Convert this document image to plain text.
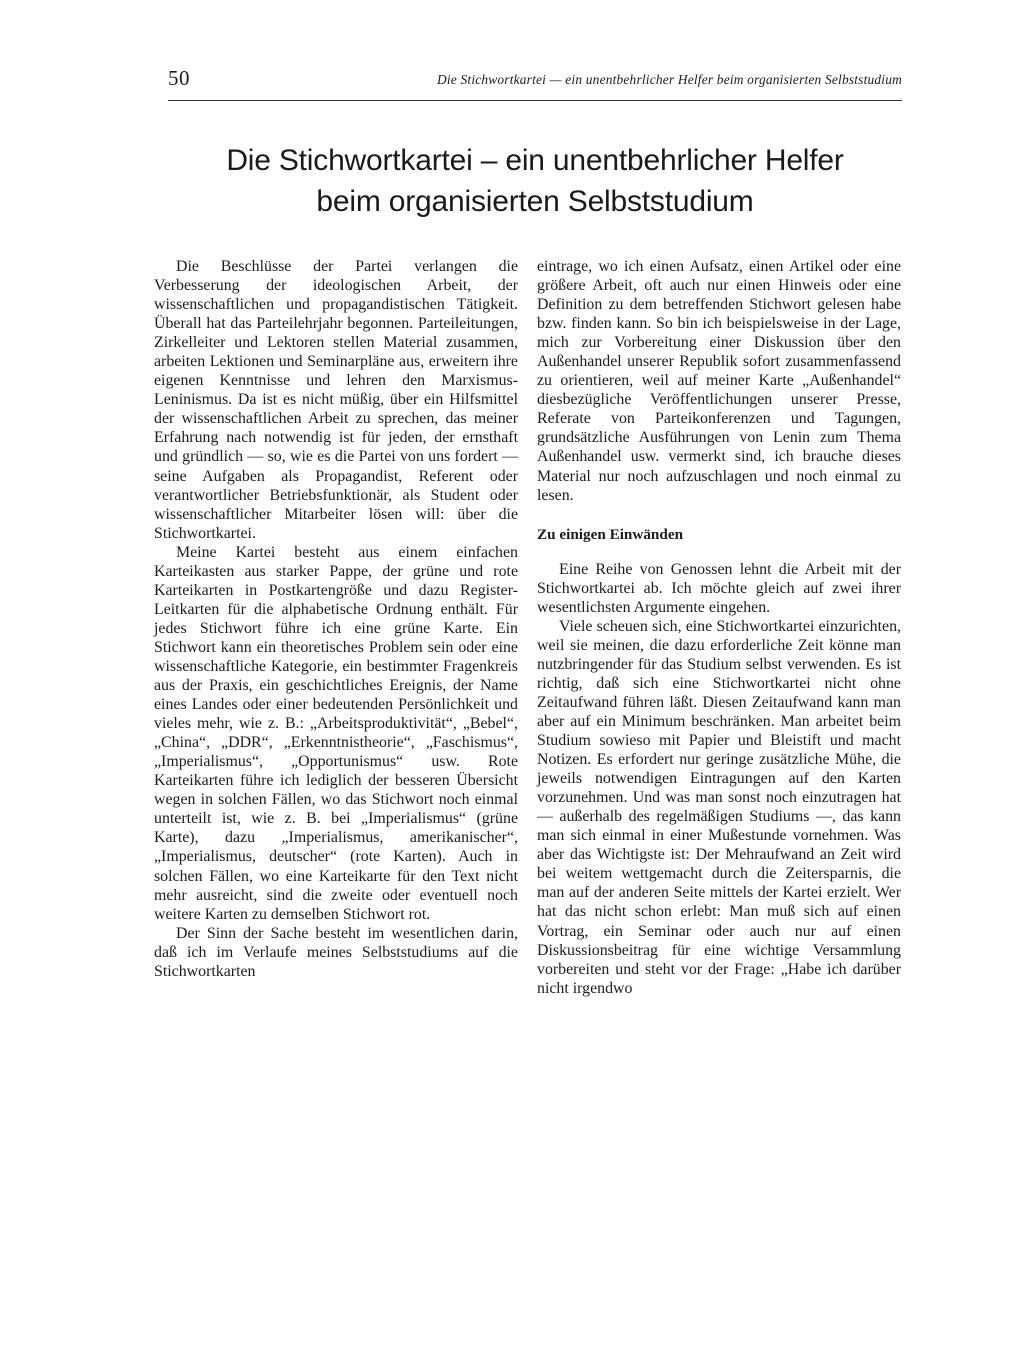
50	Die Stichwortkartei — ein unentbehrlicher Helfer beim organisierten Selbststudium
Die Stichwortkartei – ein unentbehrlicher Helfer
beim organisierten Selbststudium

Die Beschlüsse der Partei verlangen die Verbesserung der ideologischen Arbeit, der wissenschaftlichen und propagandistischen Tätigkeit. Überall hat das Parteilehrjahr begonnen. Parteileitungen, Zirkelleiter und Lektoren stellen Material zusammen, arbeiten Lektionen und Seminarpläne aus, erweitern ihre eigenen Kenntnisse und lehren den Marxismus-Leninismus. Da ist es nicht müßig, über ein Hilfsmittel der wissenschaftlichen Arbeit zu sprechen, das meiner Erfahrung nach notwendig ist für jeden, der ernsthaft und gründlich — so, wie es die Partei von uns fordert — seine Aufgaben als Propagandist, Referent oder verantwortlicher Betriebsfunktionär, als Student oder wissenschaftlicher Mitarbeiter lösen will: über die Stichwortkartei.

Meine Kartei besteht aus einem einfachen Karteikasten aus starker Pappe, der grüne und rote Karteikarten in Postkartengröße und dazu Register-Leitkarten für die alphabetische Ordnung enthält. Für jedes Stichwort führe ich eine grüne Karte. Ein Stichwort kann ein theoretisches Problem sein oder eine wissenschaftliche Kategorie, ein bestimmter Fragenkreis aus der Praxis, ein geschichtliches Ereignis, der Name eines Landes oder einer bedeutenden Persönlichkeit und vieles mehr, wie z. B.: „Arbeitsproduktivität“, „Bebel“, „China“, „DDR“, „Erkenntnistheorie“, „Faschismus“, „Imperialismus“, „Opportunismus“ usw. Rote Karteikarten führe ich lediglich der besseren Übersicht wegen in solchen Fällen, wo das Stichwort noch einmal unterteilt ist, wie z. B. bei „Imperialismus“ (grüne Karte), dazu „Imperialismus, amerikanischer“, „Imperialismus, deutscher“ (rote Karten). Auch in solchen Fällen, wo eine Karteikarte für den Text nicht mehr ausreicht, sind die zweite oder eventuell noch weitere Karten zu demselben Stichwort rot.

Der Sinn der Sache besteht im wesentlichen darin, daß ich im Verlaufe meines Selbststudiums auf die Stichwortkarten

eintrage, wo ich einen Aufsatz, einen Artikel oder eine größere Arbeit, oft auch nur einen Hinweis oder eine Definition zu dem betreffenden Stichwort gelesen habe bzw. finden kann. So bin ich beispielsweise in der Lage, mich zur Vorbereitung einer Diskussion über den Außenhandel unserer Republik sofort zusammenfassend zu orientieren, weil auf meiner Karte „Außenhandel“ diesbezügliche Veröffentlichungen unserer Presse, Referate von Parteikonferenzen und Tagungen, grundsätzliche Ausführungen von Lenin zum Thema Außenhandel usw. vermerkt sind, ich brauche dieses Material nur noch aufzuschlagen und noch einmal zu lesen.

Zu einigen Einwänden

Eine Reihe von Genossen lehnt die Arbeit mit der Stichwortkartei ab. Ich möchte gleich auf zwei ihrer wesentlichsten Argumente eingehen.

Viele scheuen sich, eine Stichwortkartei einzurichten, weil sie meinen, die dazu erforderliche Zeit könne man nutzbringender für das Studium selbst verwenden. Es ist richtig, daß sich eine Stichwortkartei nicht ohne Zeitaufwand führen läßt. Diesen Zeitaufwand kann man aber auf ein Minimum beschränken. Man arbeitet beim Studium sowieso mit Papier und Bleistift und macht Notizen. Es erfordert nur geringe zusätzliche Mühe, die jeweils notwendigen Eintragungen auf den Karten vorzunehmen. Und was man sonst noch einzutragen hat — außerhalb des regelmäßigen Studiums —, das kann man sich einmal in einer Mußestunde vornehmen. Was aber das Wichtigste ist: Der Mehraufwand an Zeit wird bei weitem wettgemacht durch die Zeitersparnis, die man auf der anderen Seite mittels der Kartei erzielt. Wer hat das nicht schon erlebt: Man muß sich auf einen Vortrag, ein Seminar oder auch nur auf einen Diskussionsbeitrag für eine wichtige Versammlung vorbereiten und steht vor der Frage: „Habe ich darüber nicht irgendwo
